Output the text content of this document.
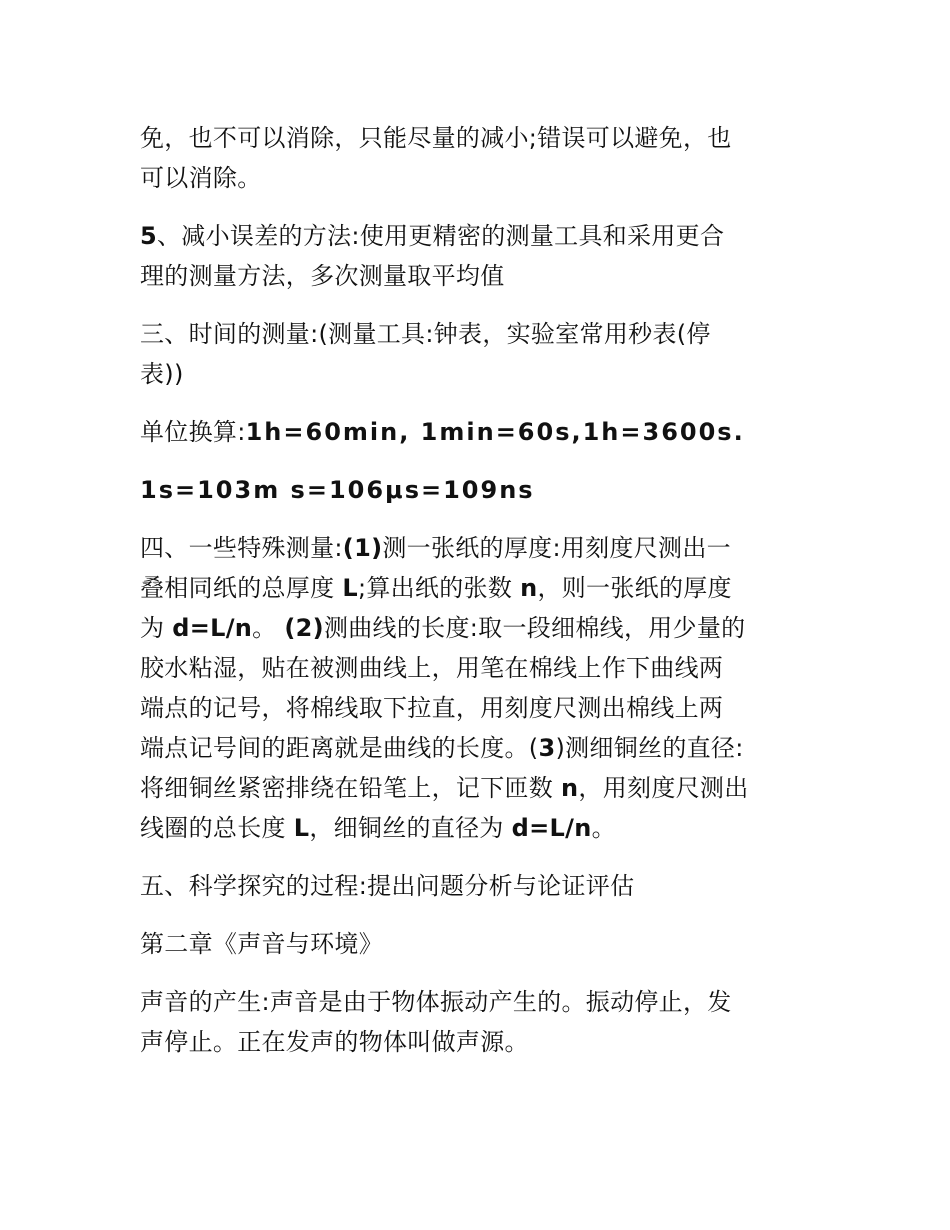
免，也不可以消除，只能尽量的减小;错误可以避免，也
可以消除。

5、减小误差的方法:使用更精密的测量工具和采用更合
理的测量方法，多次测量取平均值

三、时间的测量:(测量工具:钟表，实验室常用秒表(停
表))

单位换算:1h=60min, 1min=60s,1h=3600s.

1s=103m s=106μs=109ns

四、一些特殊测量:(1)测一张纸的厚度:用刻度尺测出一
叠相同纸的总厚度 L;算出纸的张数 n，则一张纸的厚度
为 d=L/n。 (2)测曲线的长度:取一段细棉线，用少量的
胶水粘湿，贴在被测曲线上，用笔在棉线上作下曲线两
端点的记号，将棉线取下拉直，用刻度尺测出棉线上两
端点记号间的距离就是曲线的长度。(3)测细铜丝的直径:
将细铜丝紧密排绕在铅笔上，记下匝数 n，用刻度尺测出
线圈的总长度 L，细铜丝的直径为 d=L/n。

五、科学探究的过程:提出问题分析与论证评估

第二章《声音与环境》

声音的产生:声音是由于物体振动产生的。振动停止，发
声停止。正在发声的物体叫做声源。
